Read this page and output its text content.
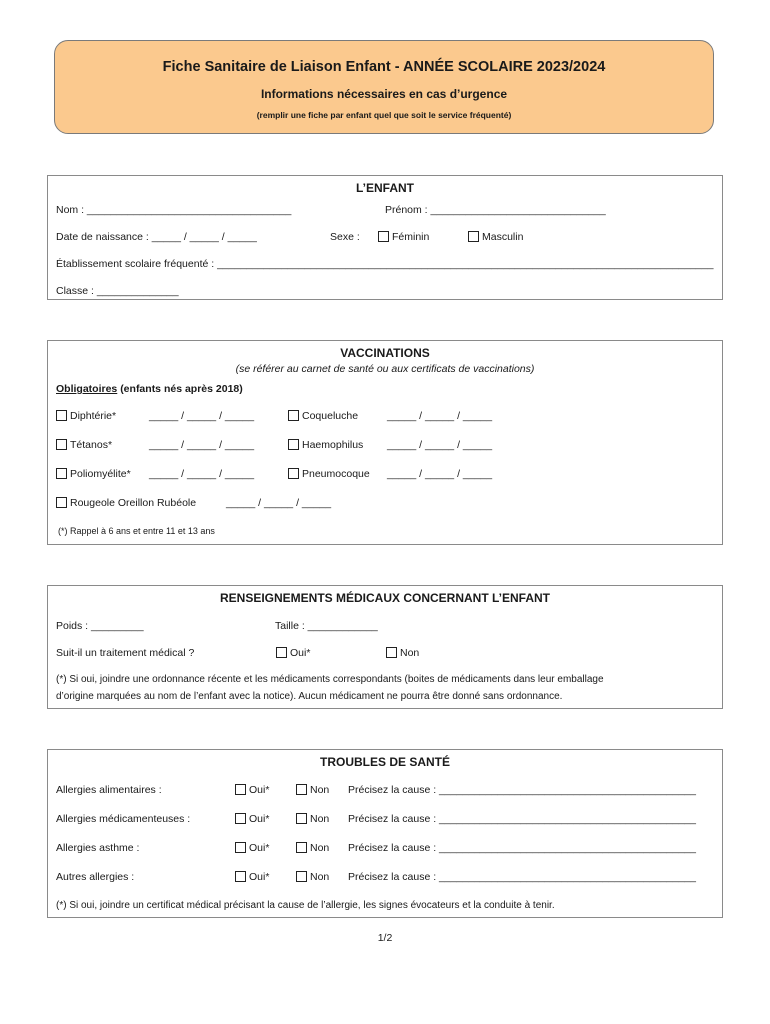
Fiche Sanitaire de Liaison Enfant - ANNÉE SCOLAIRE 2023/2024
Informations nécessaires en cas d’urgence
(remplir une fiche par enfant quel que soit le service fréquenté)
L’ENFANT
Nom : ___________________________________	Prénom : ______________________________
Date de naissance : _____ / _____ / _____	Sexe :	Féminin	Masculin
Établissement scolaire fréquenté : _____________________________________________________________________________________
Classe : ______________
VACCINATIONS
(se référer au carnet de santé ou aux certificats de vaccinations)
Obligatoires (enfants nés après 2018)
Diphtérie*	_____ / _____ / _____	Coqueluche	_____ / _____ / _____
Tétanos*	_____ / _____ / _____	Haemophilus _____ / _____ / _____
Poliomyélite* _____ / _____ / _____	Pneumocoque _____ / _____ / _____
Rougeole Oreillon Rubéole	_____ / _____ / _____
(*) Rappel à 6 ans et entre 11 et 13 ans
RENSEIGNEMENTS MÉDICAUX CONCERNANT L’ENFANT
Poids : _________	Taille : ____________
Suit-il un traitement médical ?	Oui*	Non
(*) Si oui, joindre une ordonnance récente et les médicaments correspondants (boites de médicaments dans leur emballage
d’origine marquées au nom de l’enfant avec la notice). Aucun médicament ne pourra être donné sans ordonnance.
TROUBLES DE SANTÉ
Allergies alimentaires :	Oui*	Non Précisez la cause : ____________________________________________
Allergies médicamenteuses :	Oui*	Non Précisez la cause : ____________________________________________
Allergies asthme :	Oui*	Non Précisez la cause : ____________________________________________
Autres allergies :	Oui*	Non Précisez la cause : ____________________________________________
(*) Si oui, joindre un certificat médical précisant la cause de l’allergie, les signes évocateurs et la conduite à tenir.
1/2
